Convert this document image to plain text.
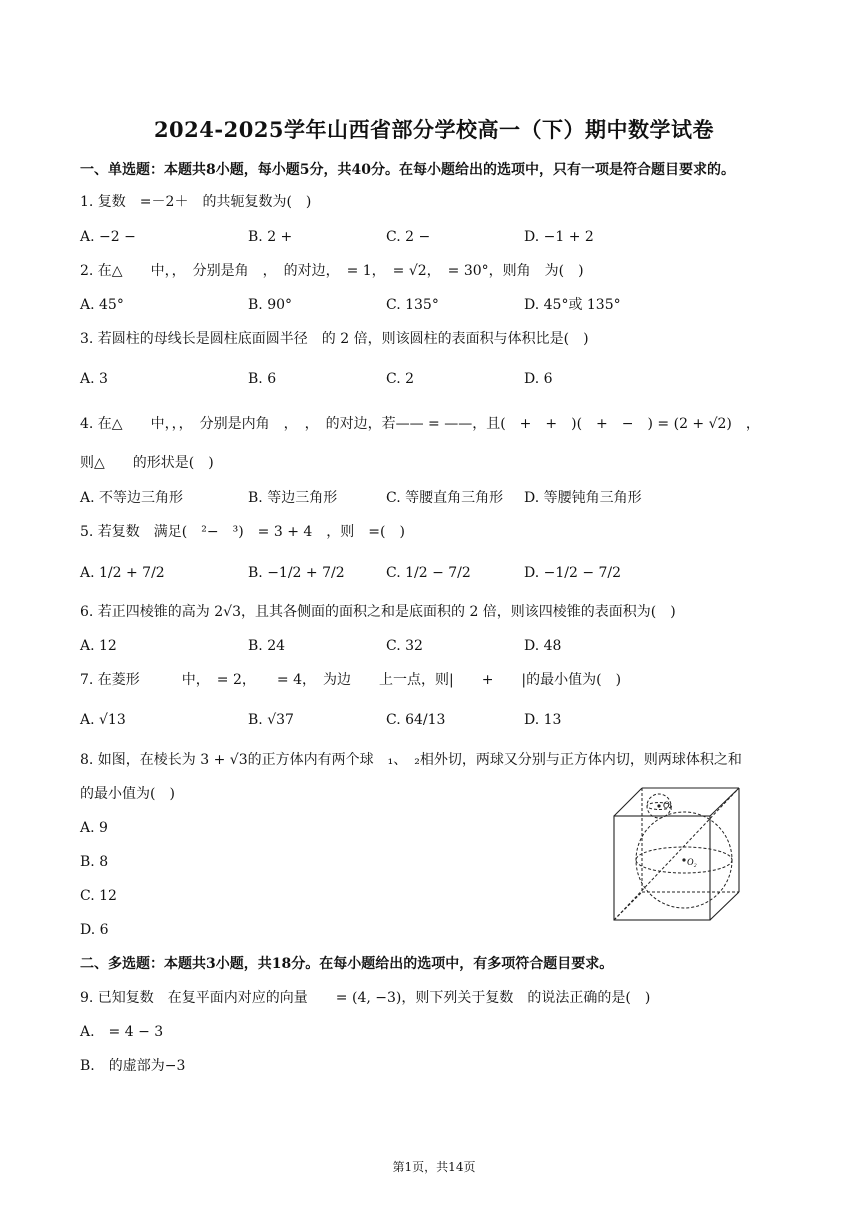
2024-2025学年山西省部分学校高一（下）期中数学试卷
一、单选题：本题共8小题，每小题5分，共40分。在每小题给出的选项中，只有一项是符合题目要求的。
1. 复数　=－2＋　的共轭复数为(　)
A. −2 −	B. 2 +	C. 2 −	D. −1 + 2
2. 在△　　中，，　分别是角　，　的对边，　= 1，　= √2，　= 30°，则角　为(　)
A. 45°	B. 90°	C. 135°	D. 45°或 135°
3. 若圆柱的母线长是圆柱底面圆半径　的 2 倍，则该圆柱的表面积与体积比是(　)
A. 3	B. 6	C. 2	D. 6
4. 在△　　中，，，　分别是内角　，　，　的对边，若—— = ——，且(　+　+　)(　+　−　) = (2 + √2)　，
则△　　的形状是(　)
A. 不等边三角形	B. 等边三角形	C. 等腰直角三角形 D. 等腰钝角三角形
5. 若复数　满足(　²−　³)　= 3 + 4　，则　=(　)
A. 1/2 + 7/2	B. −1/2 + 7/2	C. 1/2 − 7/2	D. −1/2 − 7/2
6. 若正四棱锥的高为 2√3，且其各侧面的面积之和是底面积的 2 倍，则该四棱锥的表面积为(　)
A. 12	B. 24	C. 32	D. 48
7. 在菱形　　　中，　= 2，　　= 4，　为边　　上一点，则|　　+　　|的最小值为(　)
A. √13	B. √37	C. 64/13	D. 13
8. 如图，在棱长为 3 + √3的正方体内有两个球　₁、　₂相外切，两球又分别与正方体内切，则两球体积之和
的最小值为(　)
A. 9
B. 8
C. 12
D. 6
O₁
O₂
二、多选题：本题共3小题，共18分。在每小题给出的选项中，有多项符合题目要求。
9. 已知复数　在复平面内对应的向量　　= (4, −3)，则下列关于复数　的说法正确的是(　)
A.　= 4 − 3
B.　的虚部为−3
第1页，共14页
